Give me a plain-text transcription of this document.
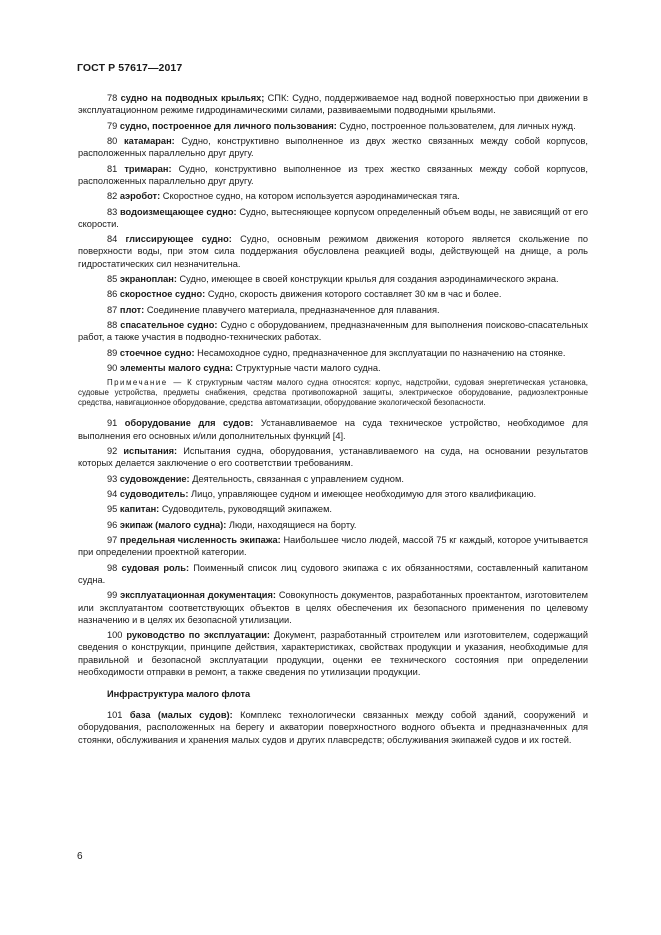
ГОСТ Р 57617—2017

78 судно на подводных крыльях; СПК: Судно, поддерживаемое над водной поверхностью при движении в эксплуатационном режиме гидродинамическими силами, развиваемыми подводными крыльями.

79 судно, построенное для личного пользования: Судно, построенное пользователем, для личных нужд.

80 катамаран: Судно, конструктивно выполненное из двух жестко связанных между собой корпусов, расположенных параллельно друг другу.

81 тримаран: Судно, конструктивно выполненное из трех жестко связанных между собой корпусов, расположенных параллельно друг другу.

82 аэробот: Скоростное судно, на котором используется аэродинамическая тяга.

83 водоизмещающее судно: Судно, вытесняющее корпусом определенный объем воды, не зависящий от его скорости.

84 глиссирующее судно: Судно, основным режимом движения которого является скольжение по поверхности воды, при этом сила поддержания обусловлена реакцией воды, действующей на днище, а роль гидростатических сил незначительна.

85 экраноплан: Судно, имеющее в своей конструкции крылья для создания аэродинамического экрана.

86 скоростное судно: Судно, скорость движения которого составляет 30 км в час и более.

87 плот: Соединение плавучего материала, предназначенное для плавания.

88 спасательное судно: Судно с оборудованием, предназначенным для выполнения поисково-спасательных работ, а также участия в подводно-технических работах.

89 стоечное судно: Несамоходное судно, предназначенное для эксплуатации по назначению на стоянке.

90 элементы малого судна: Структурные части малого судна.

Примечание — К структурным частям малого судна относятся: корпус, надстройки, судовая энергетическая установка, судовые устройства, предметы снабжения, средства противопожарной защиты, электрическое оборудование, радиоэлектронные средства, навигационное оборудование, средства автоматизации, оборудование экологической безопасности.

91 оборудование для судов: Устанавливаемое на суда техническое устройство, необходимое для выполнения его основных и/или дополнительных функций [4].

92 испытания: Испытания судна, оборудования, устанавливаемого на суда, на основании результатов которых делается заключение о его соответствии требованиям.

93 судовождение: Деятельность, связанная с управлением судном.

94 судоводитель: Лицо, управляющее судном и имеющее необходимую для этого квалификацию.

95 капитан: Судоводитель, руководящий экипажем.

96 экипаж (малого судна): Люди, находящиеся на борту.

97 предельная численность экипажа: Наибольшее число людей, массой 75 кг каждый, которое учитывается при определении проектной категории.

98 судовая роль: Поименный список лиц судового экипажа с их обязанностями, составленный капитаном судна.

99 эксплуатационная документация: Совокупность документов, разработанных проектантом, изготовителем или эксплуатантом соответствующих объектов в целях обеспечения их безопасного применения по целевому назначению и в целях их безопасной утилизации.

100 руководство по эксплуатации: Документ, разработанный строителем или изготовителем, содержащий сведения о конструкции, принципе действия, характеристиках, свойствах продукции и указания, необходимые для правильной и безопасной эксплуатации продукции, оценки ее технического состояния при определении необходимости отправки в ремонт, а также сведения по утилизации продукции.

Инфраструктура малого флота

101 база (малых судов): Комплекс технологически связанных между собой зданий, сооружений и оборудования, расположенных на берегу и акватории поверхностного водного объекта и предназначенных для стоянки, обслуживания и хранения малых судов и других плавсредств; обслуживания экипажей судов и их гостей.

6
